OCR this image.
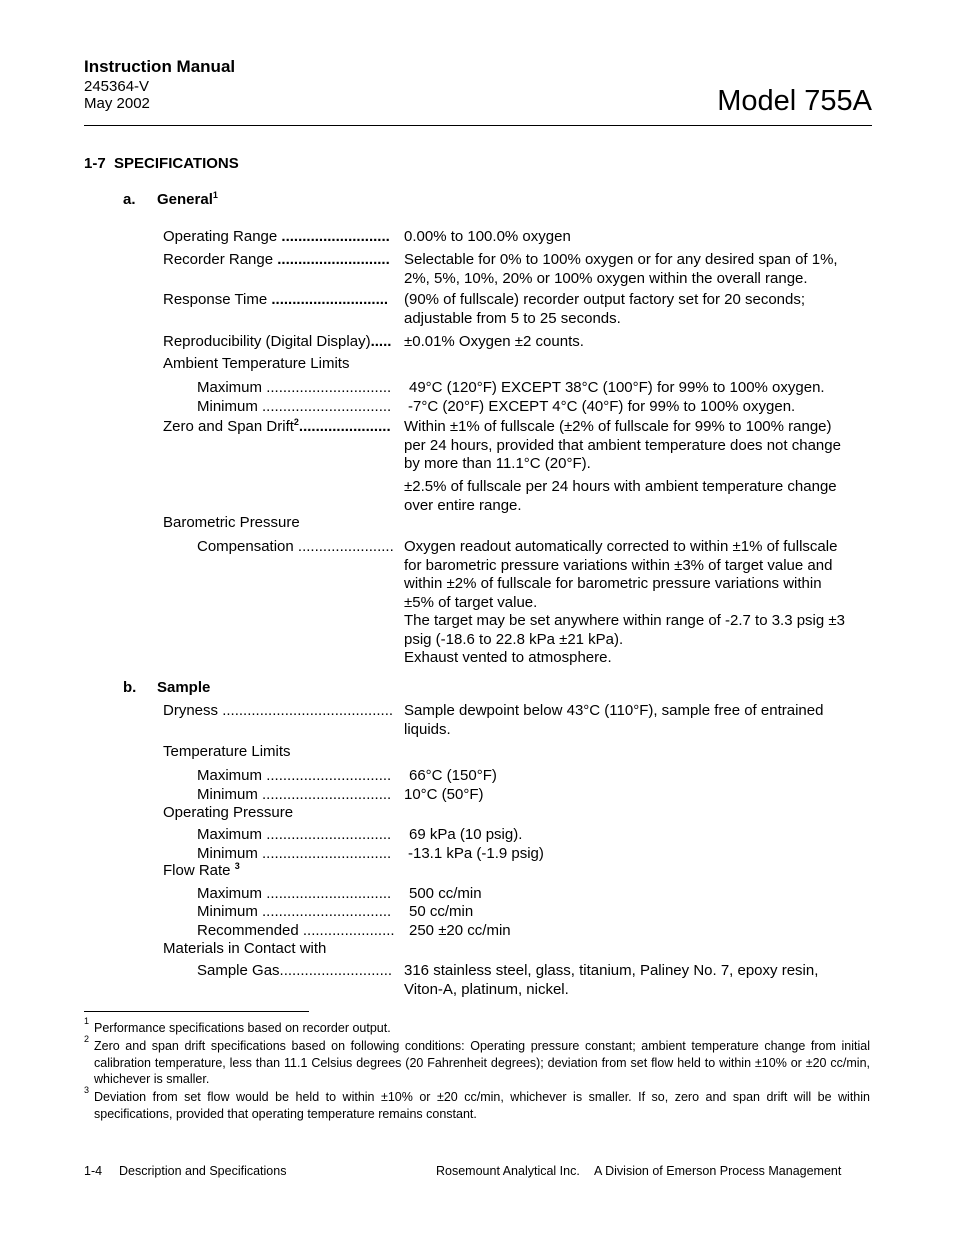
Instruction Manual
245364-V
May 2002	Model 755A
1-7 SPECIFICATIONS
a. General$^1$
Operating Range .......................... 0.00% to 100.0% oxygen
Recorder Range ........................... Selectable for 0% to 100% oxygen or for any desired span of 1%,
2%, 5%, 10%, 20% or 100% oxygen within the overall range.
Response Time ............................ (90% of fullscale) recorder output factory set for 20 seconds;
adjustable from 5 to 25 seconds.
Reproducibility (Digital Display)..... ±0.01% Oxygen ±2 counts.
Ambient Temperature Limits
Maximum .............................. 49°C (120°F) EXCEPT 38°C (100°F) for 99% to 100% oxygen.
Minimum ............................... -7°C (20°F) EXCEPT 4°C (40°F) for 99% to 100% oxygen.
Zero and Span Drift$^2$...................... Within ±1% of fullscale (±2% of fullscale for 99% to 100% range)
per 24 hours, provided that ambient temperature does not change
by more than 11.1°C (20°F).
±2.5% of fullscale per 24 hours with ambient temperature change
over entire range.
Barometric Pressure
Compensation ....................... Oxygen readout automatically corrected to within ±1% of fullscale
for barometric pressure variations within ±3% of target value and
within ±2% of fullscale for barometric pressure variations within
±5% of target value.
The target may be set anywhere within range of -2.7 to 3.3 psig ±3
psig (-18.6 to 22.8 kPa ±21 kPa).
Exhaust vented to atmosphere.
b. Sample
Dryness ......................................... Sample dewpoint below 43°C (110°F), sample free of entrained
liquids.
Temperature Limits
Maximum .............................. 66°C (150°F)
Minimum ............................... 10°C (50°F)
Operating Pressure
Maximum .............................. 69 kPa (10 psig).
Minimum ............................... -13.1 kPa (-1.9 psig)
Flow Rate $^3$
Maximum .............................. 500 cc/min
Minimum ............................... 50 cc/min
Recommended ...................... 250 ±20 cc/min
Materials in Contact with
Sample Gas........................... 316 stainless steel, glass, titanium, Paliney No. 7, epoxy resin,
Viton-A, platinum, nickel.
1 Performance specifications based on recorder output.
2 Zero and span drift specifications based on following conditions: Operating pressure constant; ambient temperature change from initial calibration temperature, less than 11.1 Celsius degrees (20 Fahrenheit degrees); deviation from set flow held to within ±10% or ±20 cc/min, whichever is smaller.
3 Deviation from set flow would be held to within ±10% or ±20 cc/min, whichever is smaller. If so, zero and span drift will be within specifications, provided that operating temperature remains constant.
1-4 Description and Specifications	Rosemount Analytical Inc. A Division of Emerson Process Management
